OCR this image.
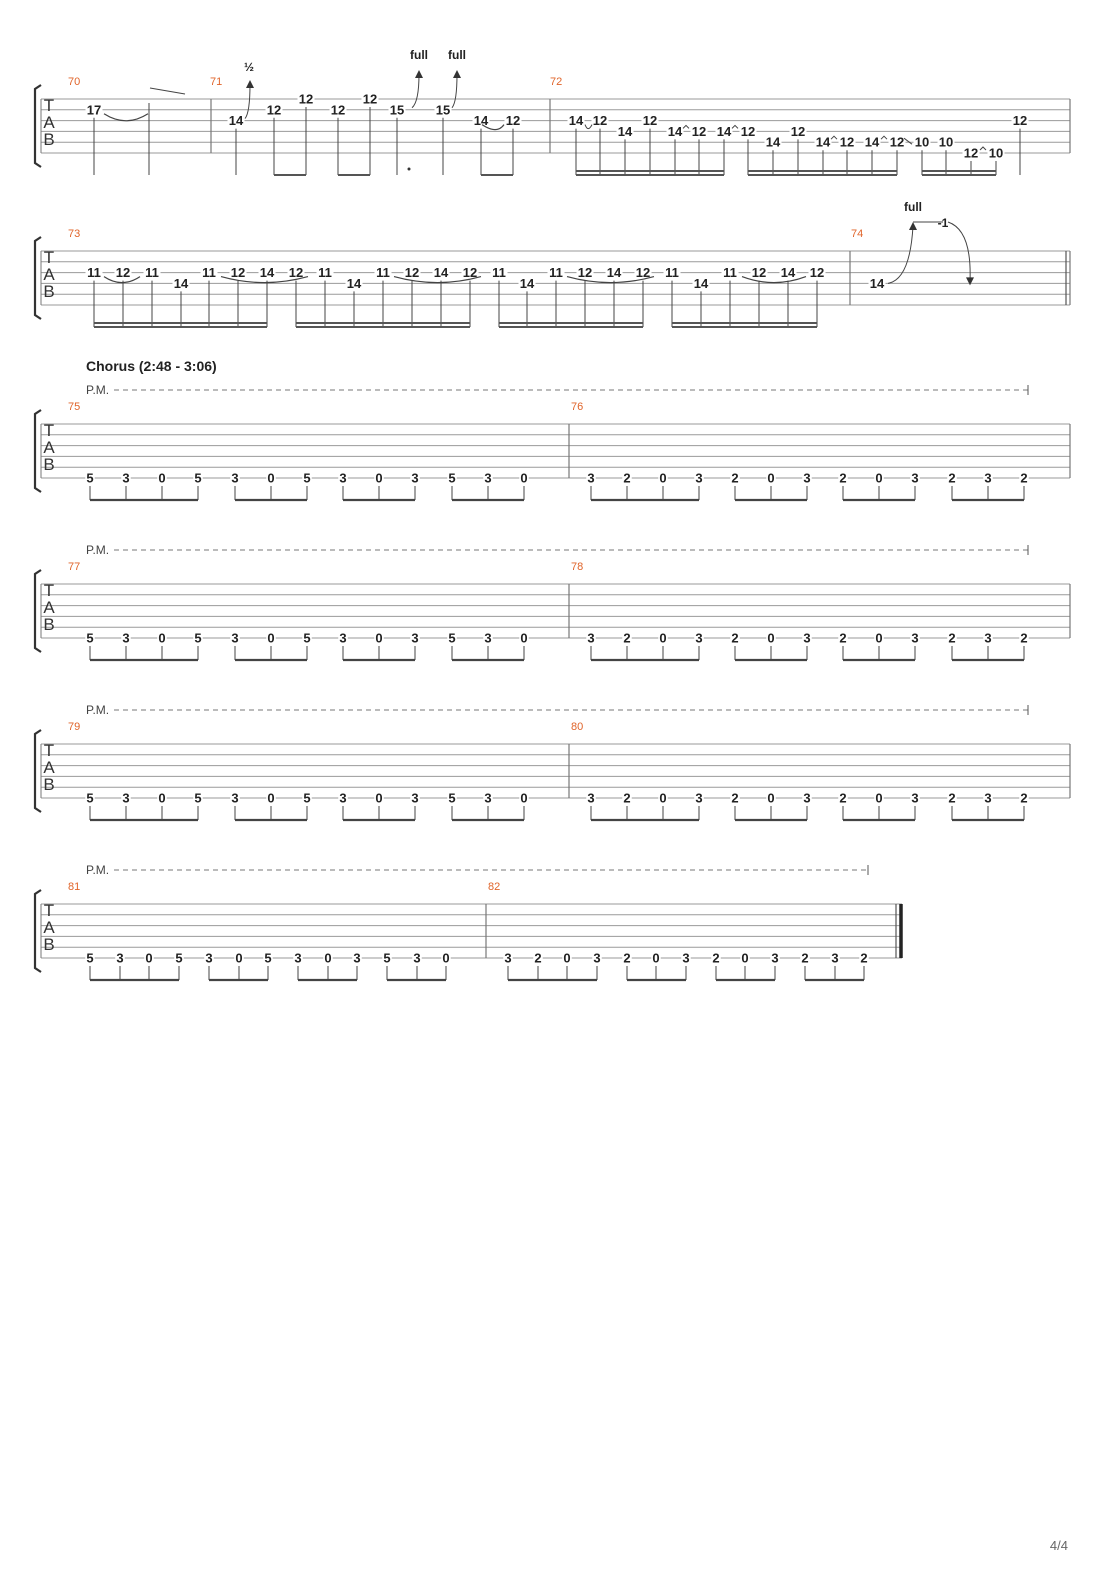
T
A
B
75	76
P.M.
5 3 0 5 3 0 5 3 0 3 5 3 0	3 2 0 3 2 0 3 2 0 3 2 3 2
T
A
B
77	78
P.M.
5 3 0 5 3 0 5 3 0 3 5 3 0	3 2 0 3 2 0 3 2 0 3 2 3 2
T
A
B
79	80
P.M.
5 3 0 5 3 0 5 3 0 3 5 3 0	3 2 0 3 2 0 3 2 0 3 2 3 2
T
A
B
81	82
P.M.
5 3 0 5 3 0 5 3 0 3 5 3 0	3 2 0 3 2 0 3 2 0 3 2 3 2
Chorus (2:48 - 3:06)
T
A
B
70	71	72
17
14
12
12
12
12
15 15
14 12
½
full full
14 12
14
12
14 12 14 12
14
12
14 12 14 12 10 10
12 10
12
T
A
B
73	74
11 12 11
14
11 12 14 12 11
14
11 12 14 12 11
14
11 12 14 12 11
14
11 12 14 12
14
full
-1
4/4
